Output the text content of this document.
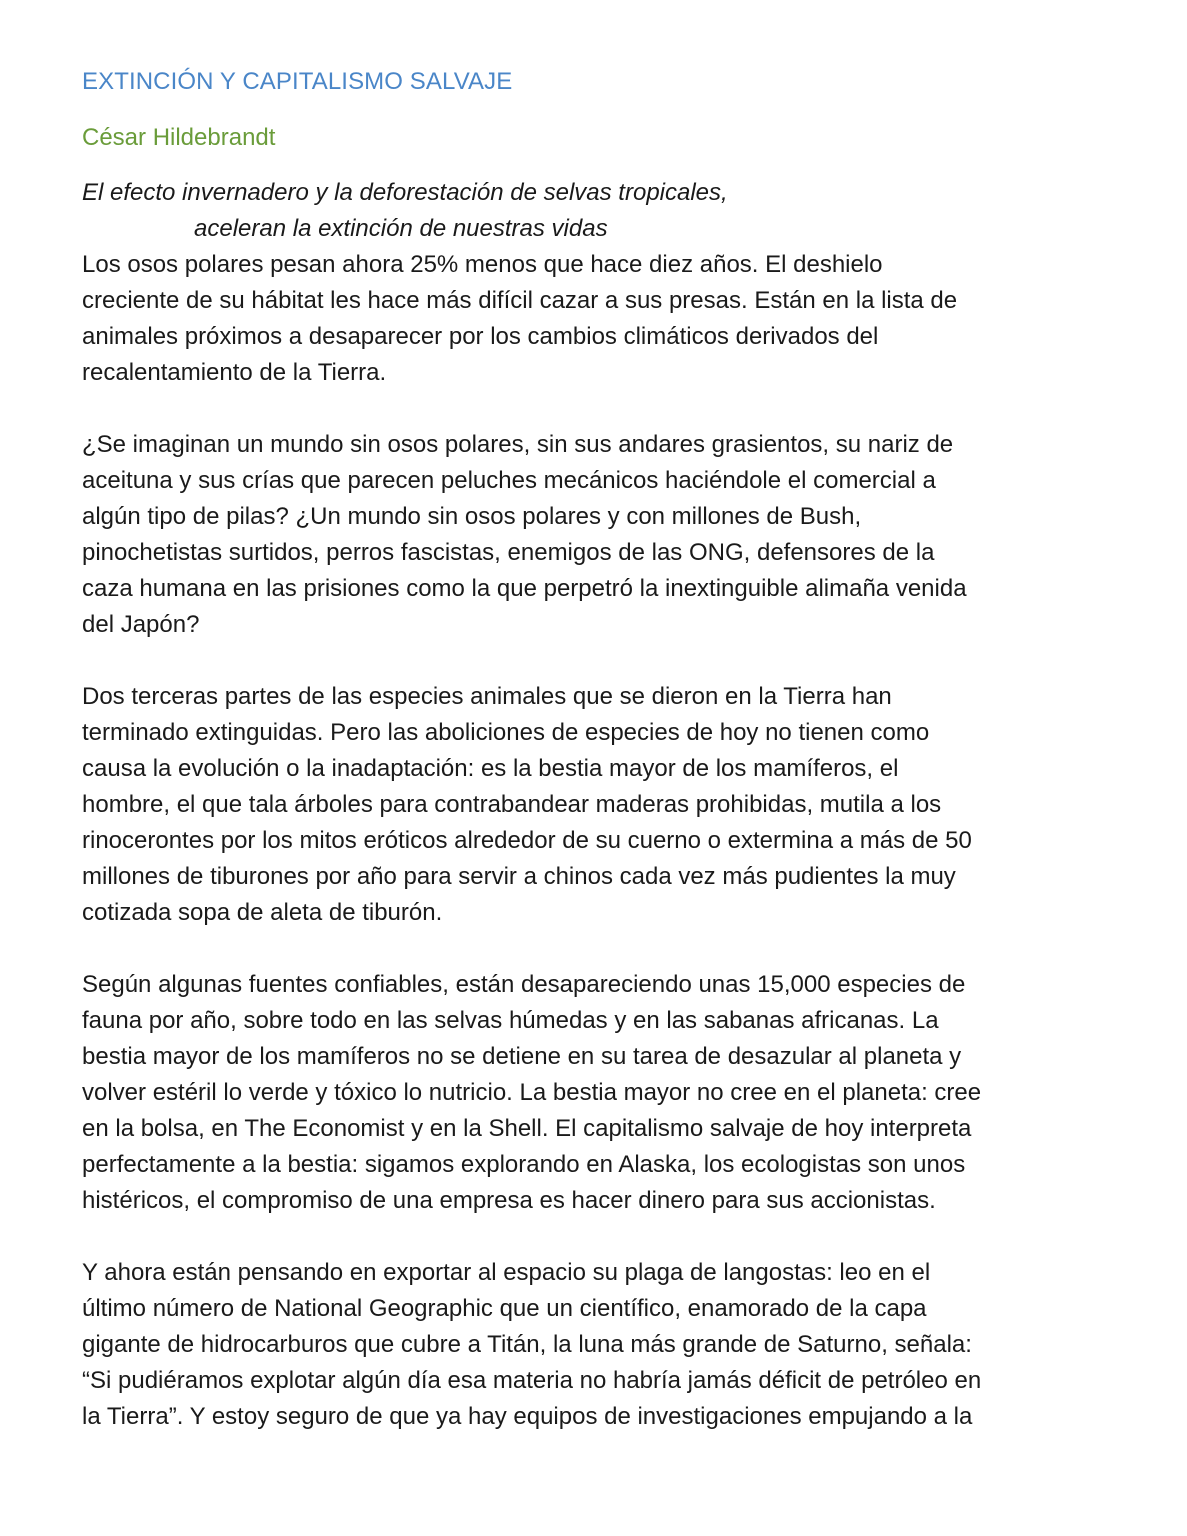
EXTINCIÓN Y CAPITALISMO SALVAJE
César Hildebrandt
El efecto invernadero y la deforestación de selvas tropicales,
aceleran la extinción de nuestras vidas

Los osos polares pesan ahora 25% menos que hace diez años. El deshielo
creciente de su hábitat les hace más difícil cazar a sus presas. Están en la lista de
animales próximos a desaparecer por los cambios climáticos derivados del
recalentamiento de la Tierra.

¿Se imaginan un mundo sin osos polares, sin sus andares grasientos, su nariz de
aceituna y sus crías que parecen peluches mecánicos haciéndole el comercial a
algún tipo de pilas? ¿Un mundo sin osos polares y con millones de Bush,
pinochetistas surtidos, perros fascistas, enemigos de las ONG, defensores de la
caza humana en las prisiones como la que perpetró la inextinguible alimaña venida
del Japón?

Dos terceras partes de las especies animales que se dieron en la Tierra han
terminado extinguidas. Pero las aboliciones de especies de hoy no tienen como
causa la evolución o la inadaptación: es la bestia mayor de los mamíferos, el
hombre, el que tala árboles para contrabandear maderas prohibidas, mutila a los
rinocerontes por los mitos eróticos alrededor de su cuerno o extermina a más de 50
millones de tiburones por año para servir a chinos cada vez más pudientes la muy
cotizada sopa de aleta de tiburón.

Según algunas fuentes confiables, están desapareciendo unas 15,000 especies de
fauna por año, sobre todo en las selvas húmedas y en las sabanas africanas. La
bestia mayor de los mamíferos no se detiene en su tarea de desazular al planeta y
volver estéril lo verde y tóxico lo nutricio. La bestia mayor no cree en el planeta: cree
en la bolsa, en The Economist y en la Shell. El capitalismo salvaje de hoy interpreta
perfectamente a la bestia: sigamos explorando en Alaska, los ecologistas son unos
histéricos, el compromiso de una empresa es hacer dinero para sus accionistas.

Y ahora están pensando en exportar al espacio su plaga de langostas: leo en el
último número de National Geographic que un científico, enamorado de la capa
gigante de hidrocarburos que cubre a Titán, la luna más grande de Saturno, señala:
“Si pudiéramos explotar algún día esa materia no habría jamás déficit de petróleo en
la Tierra”. Y estoy seguro de que ya hay equipos de investigaciones empujando a la
